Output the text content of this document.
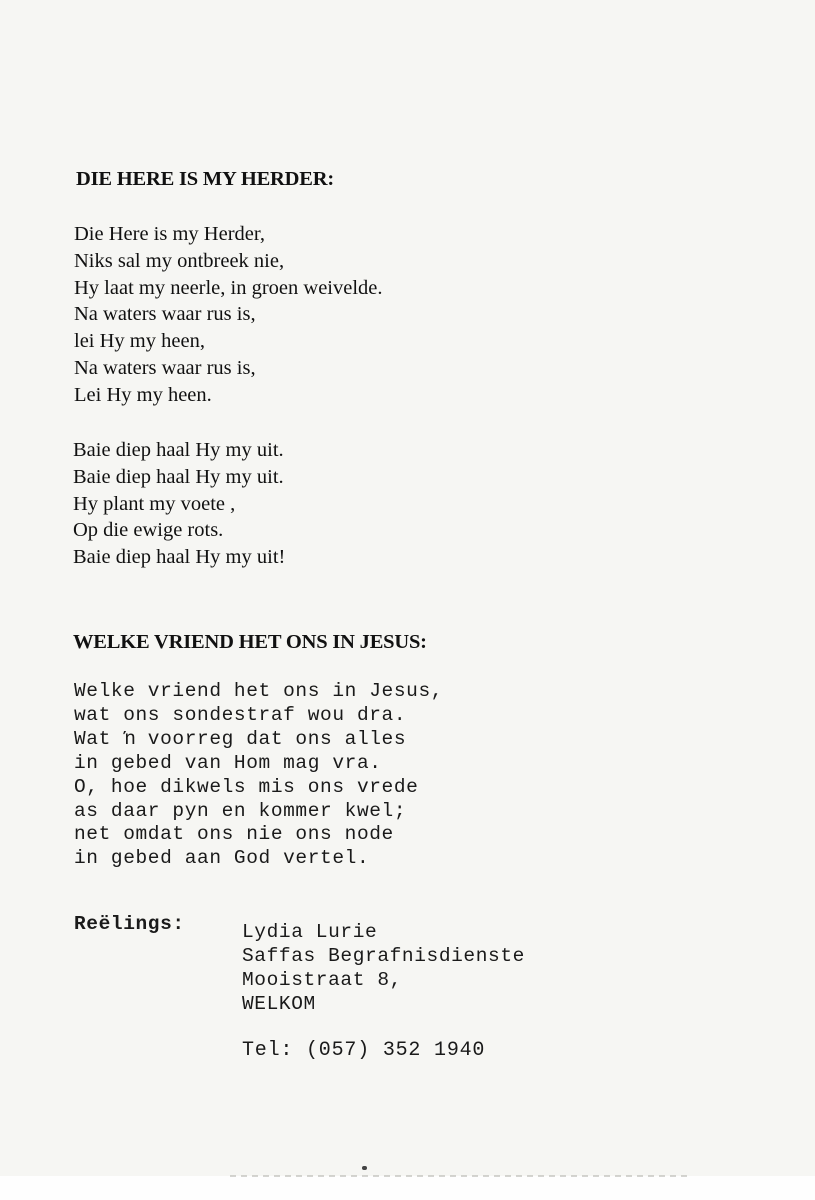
DIE HERE IS MY HERDER:
Die Here is my Herder,
Niks sal my ontbreek nie,
Hy laat my neerle, in groen weivelde.
Na waters waar rus is,
lei Hy my heen,
Na waters waar rus is,
Lei Hy my heen.
Baie diep haal Hy my uit.
Baie diep haal Hy my uit.
Hy plant my voete ,
Op die ewige rots.
Baie diep haal Hy my uit!
WELKE VRIEND HET ONS IN JESUS:
Welke vriend het ons in Jesus,
wat ons sondestraf wou dra.
Wat ŉ voorreg dat ons alles
in gebed van Hom mag vra.
O, hoe dikwels mis ons vrede
as daar pyn en kommer kwel;
net omdat ons nie ons node
in gebed aan God vertel.
Reëlings:	Lydia Lurie
Saffas Begrafnisdienste
Mooistraat 8,
WELKOM
Tel: (057) 352 1940
